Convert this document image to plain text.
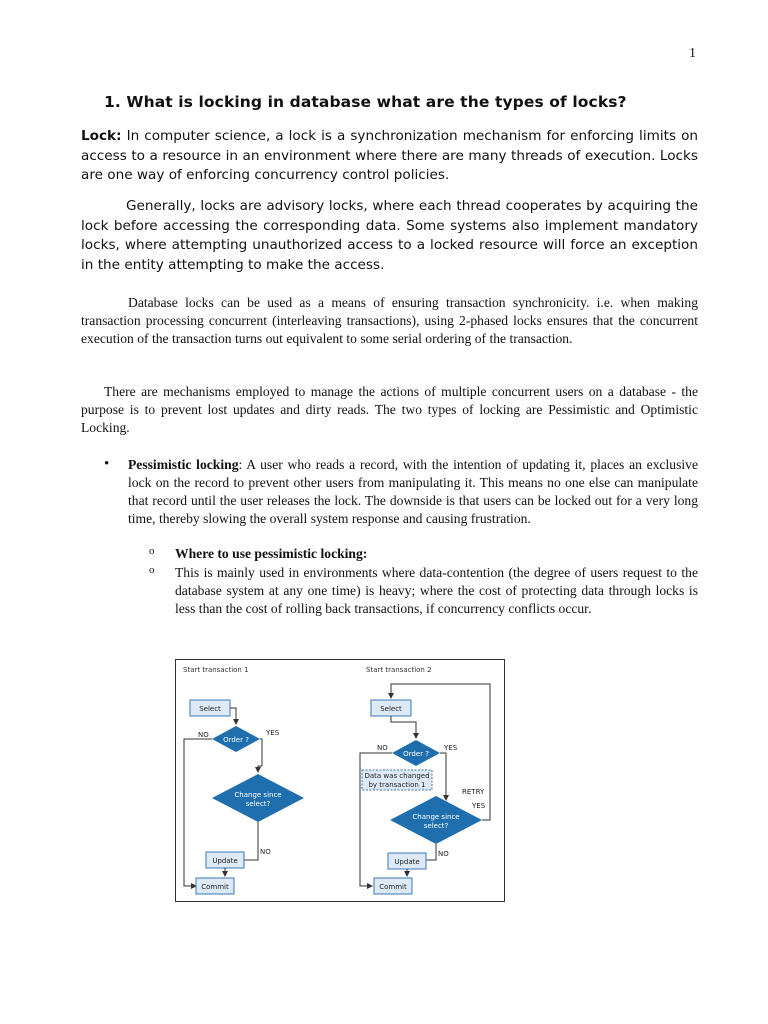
1
1. What is locking in database what are the types of locks?

Lock: In computer science, a lock is a synchronization mechanism for enforcing limits on access to a resource in an environment where there are many threads of execution. Locks are one way of enforcing concurrency control policies.

Generally, locks are advisory locks, where each thread cooperates by acquiring the lock before accessing the corresponding data. Some systems also implement mandatory locks, where attempting unauthorized access to a locked resource will force an exception in the entity attempting to make the access.

Database locks can be used as a means of ensuring transaction synchronicity. i.e. when making transaction processing concurrent (interleaving transactions), using 2-phased locks ensures that the concurrent execution of the transaction turns out equivalent to some serial ordering of the transaction.

There are mechanisms employed to manage the actions of multiple concurrent users on a database - the purpose is to prevent lost updates and dirty reads. The two types of locking are Pessimistic and Optimistic Locking.

• Pessimistic locking: A user who reads a record, with the intention of updating it, places an exclusive lock on the record to prevent other users from manipulating it. This means no one else can manipulate that record until the user releases the lock. The downside is that users can be locked out for a very long time, thereby slowing the overall system response and causing frustration.

o Where to use pessimistic locking:

o This is mainly used in environments where data-contention (the degree of users request to the database system at any one time) is heavy; where the cost of protecting data through locks is less than the cost of rolling back transactions, if concurrency conflicts occur.

Start transaction 1
Select
Order ?
NO	YES
Change since
select?
NO
Update
Commit
Start transaction 2
Select
Order ?
NO	YES
Data was changed
by transaction 1
RETRY
YES
Change since
select?
NO
Update
Commit
